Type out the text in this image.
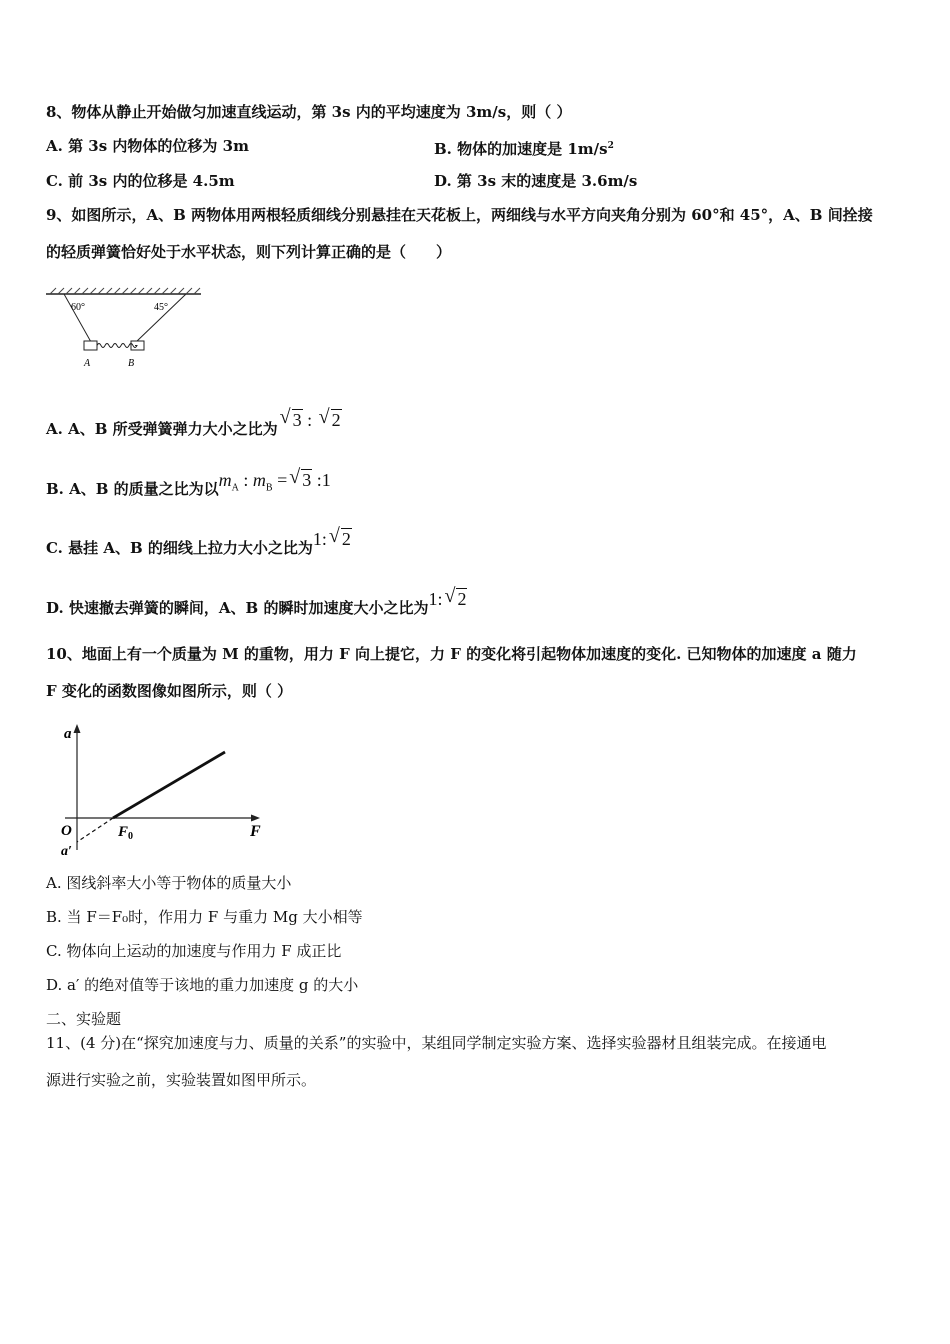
8、物体从静止开始做匀加速直线运动，第 3s 内的平均速度为 3m/s，则（ ）
A. 第 3s 内物体的位移为 3m	B. 物体的加速度是 $1m/s^2$
C. 前 3s 内的位移是 4.5m	D. 第 3s 末的速度是 3.6m/s
9、如图所示，A、B 两物体用两根轻质细线分别悬挂在天花板上，两细线与水平方向夹角分别为 60°和 45°，A、B 间拴接
的轻质弹簧恰好处于水平状态，则下列计算正确的是（　　）
60°	45°
A	B
A. A、B 所受弹簧弹力大小之比为 √ 3 : √ 2
B. A、B 的质量之比为以$m_A$ : $m_B$ = √ 3 :1
C. 悬挂 A、B 的细线上拉力大小之比为1: √ 2
D. 快速撤去弹簧的瞬间，A、B 的瞬时加速度大小之比为1: √ 2
10、地面上有一个质量为 M 的重物，用力 F 向上提它，力 F 的变化将引起物体加速度的变化. 已知物体的加速度 a 随力
F 变化的函数图像如图所示，则（ ）
a
F
O	$F_0$
a′
A. 图线斜率大小等于物体的质量大小
B. 当 F＝F₀时，作用力 F 与重力 Mg 大小相等
C. 物体向上运动的加速度与作用力 F 成正比
D. a′ 的绝对值等于该地的重力加速度 g 的大小
二、实验题
11、(4 分)在“探究加速度与力、质量的关系”的实验中，某组同学制定实验方案、选择实验器材且组装完成。在接通电
源进行实验之前，实验装置如图甲所示。
